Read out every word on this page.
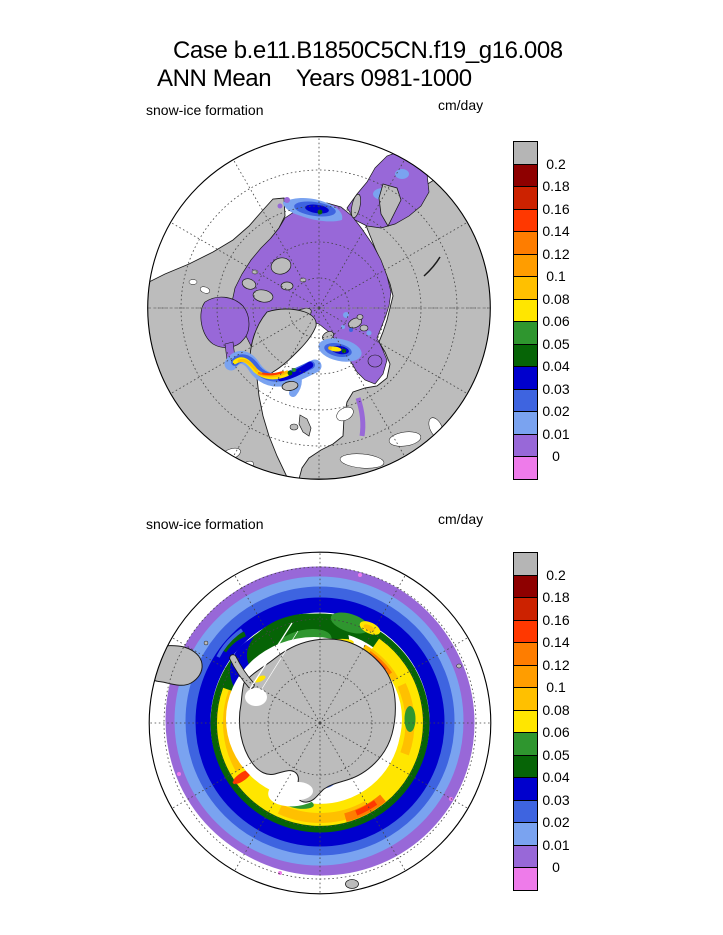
Case b.e11.B1850C5CN.f19_g16.008
ANN Mean    Years 0981-1000
snow-ice formation	cm/day
snow-ice formation	cm/day
0.2
0.18
0.16
0.14
0.12
0.1
0.08
0.06
0.05
0.04
0.03
0.02
0.01
0
0.2
0.18
0.16
0.14
0.12
0.1
0.08
0.06
0.05
0.04
0.03
0.02
0.01
0
